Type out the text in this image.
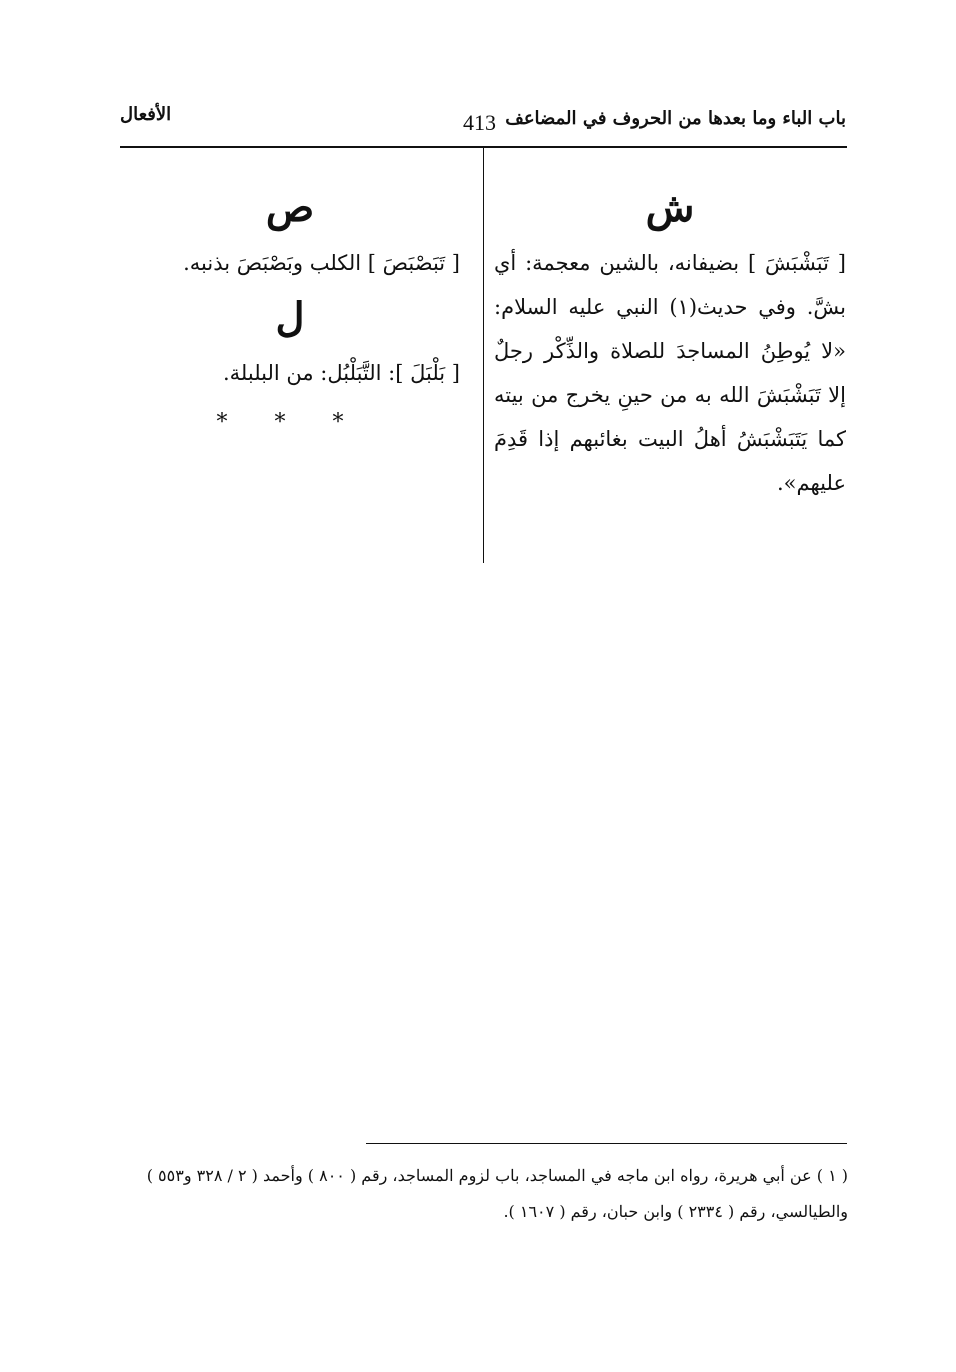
باب الباء وما بعدها من الحروف في المضاعف
413
الأفعال

ش

[ تَبَشْبَشَ ] بضيفانه، بالشين معجمة: أي بشَّ. وفي حديث(١) النبي عليه السلام: «لا يُوطِنُ المساجدَ للصلاة والذِّكْر رجلٌ إلا تَبَشْبَشَ الله به من حينِ يخرج من بيته كما يَتَبَشْبَشُ أهلُ البيت بغائبهم إذا قَدِمَ عليهم».

ص

[ تَبَصْبَصَ ] الكلب وبَصْبَصَ بذنبه.

ل

[ بَلْبَلَ ]: التَّبَلْبُل: من البلبلة.

* * *

( ١ ) عن أبي هريرة، رواه ابن ماجه في المساجد، باب لزوم المساجد، رقم ( ٨٠٠ ) وأحمد ( ٢ / ٣٢٨ و٥٥٣ ) والطيالسي، رقم ( ٢٣٣٤ ) وابن حبان، رقم ( ١٦٠٧ ).
